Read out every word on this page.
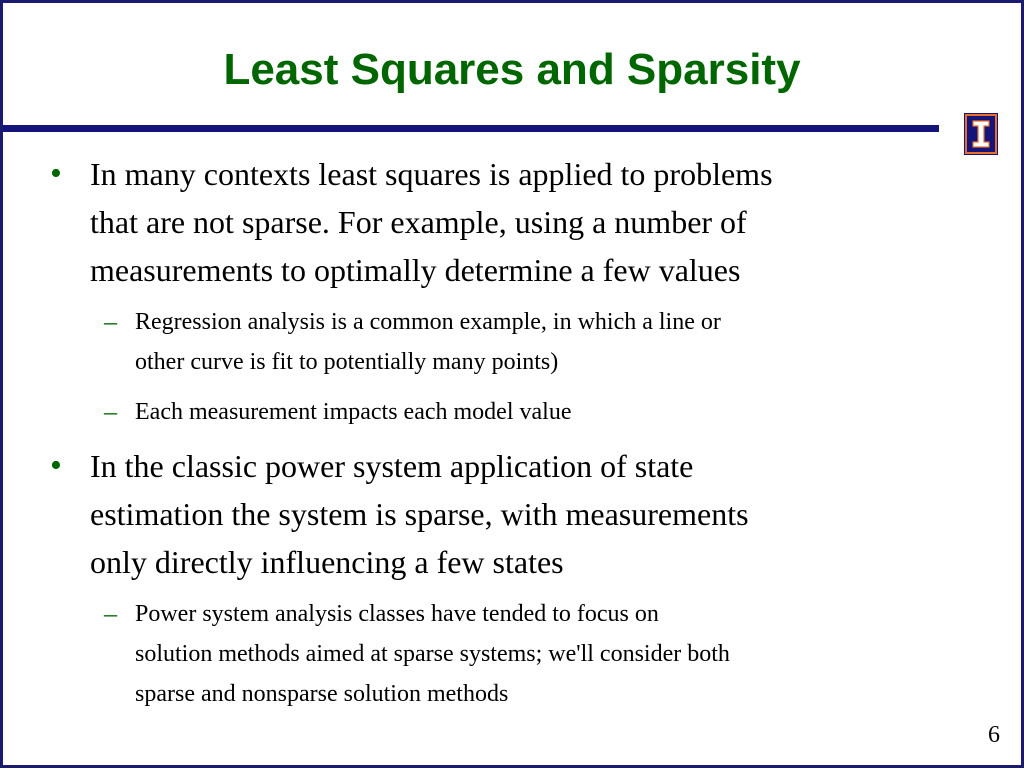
Least Squares and Sparsity
• In many contexts least squares is applied to problems
that are not sparse. For example, using a number of
measurements to optimally determine a few values
– Regression analysis is a common example, in which a line or
other curve is fit to potentially many points)
– Each measurement impacts each model value
• In the classic power system application of state
estimation the system is sparse, with measurements
only directly influencing a few states
– Power system analysis classes have tended to focus on
solution methods aimed at sparse systems; we'll consider both
sparse and nonsparse solution methods
6
